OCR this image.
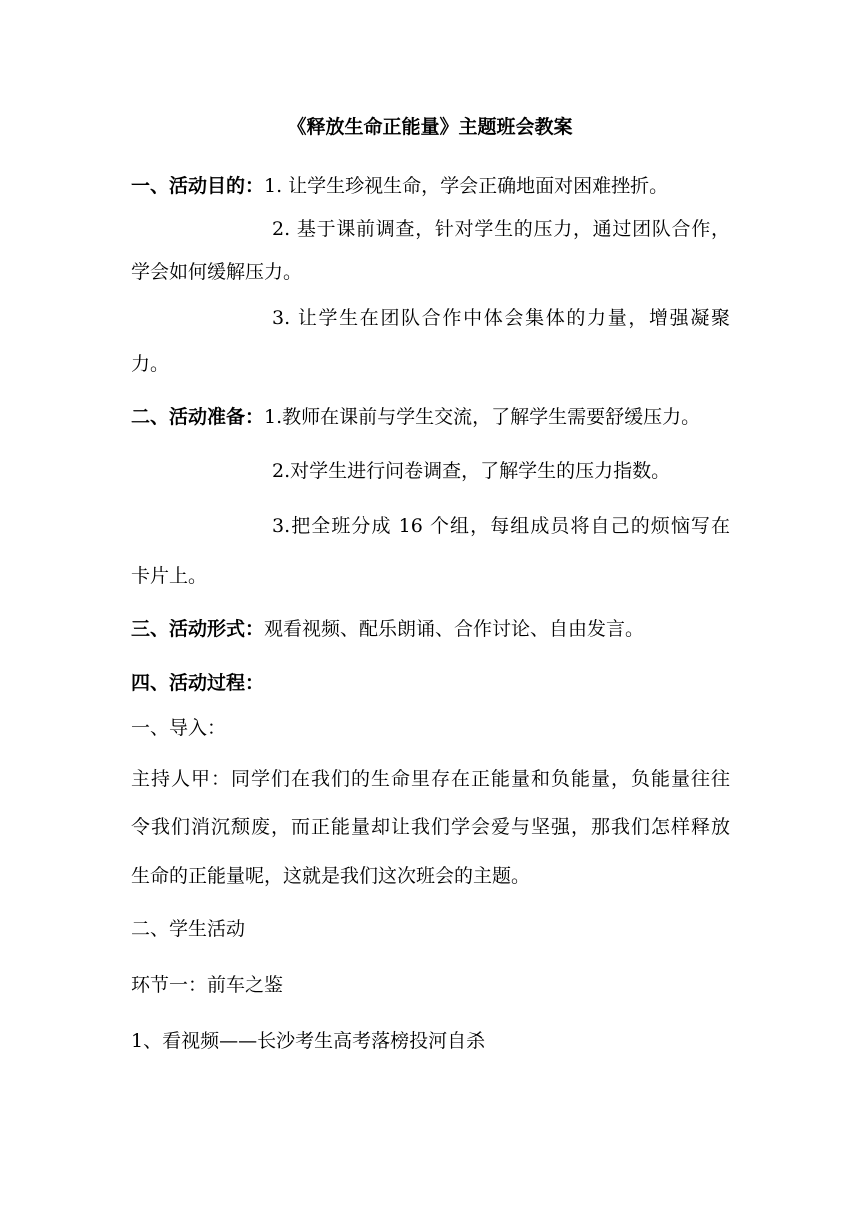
《释放生命正能量》主题班会教案
一、活动目的：1. 让学生珍视生命，学会正确地面对困难挫折。
2. 基于课前调查，针对学生的压力，通过团队合作，
学会如何缓解压力。
3. 让学生在团队合作中体会集体的力量，增强凝聚
力。
二、活动准备：1.教师在课前与学生交流，了解学生需要舒缓压力。
2.对学生进行问卷调查，了解学生的压力指数。
3.把全班分成 16 个组，每组成员将自己的烦恼写在
卡片上。
三、活动形式：观看视频、配乐朗诵、合作讨论、自由发言。
四、活动过程：
一、导入：
主持人甲：同学们在我们的生命里存在正能量和负能量，负能量往往
令我们消沉颓废，而正能量却让我们学会爱与坚强，那我们怎样释放
生命的正能量呢，这就是我们这次班会的主题。
二、学生活动
环节一：前车之鉴
1、看视频——长沙考生高考落榜投河自杀
